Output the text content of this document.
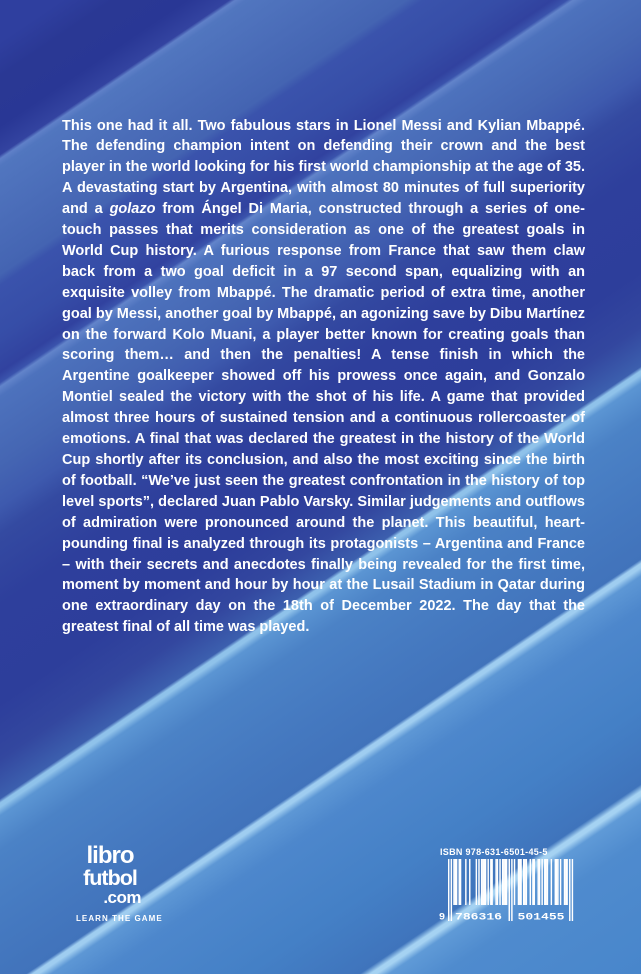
This one had it all. Two fabulous stars in Lionel Messi and Kylian Mbappé. The defending champion intent on defending their crown and the best player in the world looking for his first world championship at the age of 35. A devastating start by Argentina, with almost 80 minutes of full superiority and a golazo from Ángel Di Maria, constructed through a series of one-touch passes that merits consideration as one of the greatest goals in World Cup history. A furious response from France that saw them claw back from a two goal deficit in a 97 second span, equalizing with an exquisite volley from Mbappé. The dramatic period of extra time, another goal by Messi, another goal by Mbappé, an agonizing save by Dibu Martínez on the forward Kolo Muani, a player better known for creating goals than scoring them… and then the penalties! A tense finish in which the Argentine goalkeeper showed off his prowess once again, and Gonzalo Montiel sealed the victory with the shot of his life. A game that provided almost three hours of sustained tension and a continuous rollercoaster of emotions. A final that was declared the greatest in the history of the World Cup shortly after its conclusion, and also the most exciting since the birth of football. “We’ve just seen the greatest confrontation in the history of top level sports”, declared Juan Pablo Varsky. Similar judgements and outflows of admiration were pronounced around the planet. This beautiful, heart-pounding final is analyzed through its protagonists – Argentina and France – with their secrets and anecdotes finally being revealed for the first time, moment by moment and hour by hour at the Lusail Stadium in Qatar during one extraordinary day on the 18th of December 2022. The day that the greatest final of all time was played.

libro
futbol
.com
LEARN THE GAME
ISBN 978-631-6501-45-5
9 786316 501455
